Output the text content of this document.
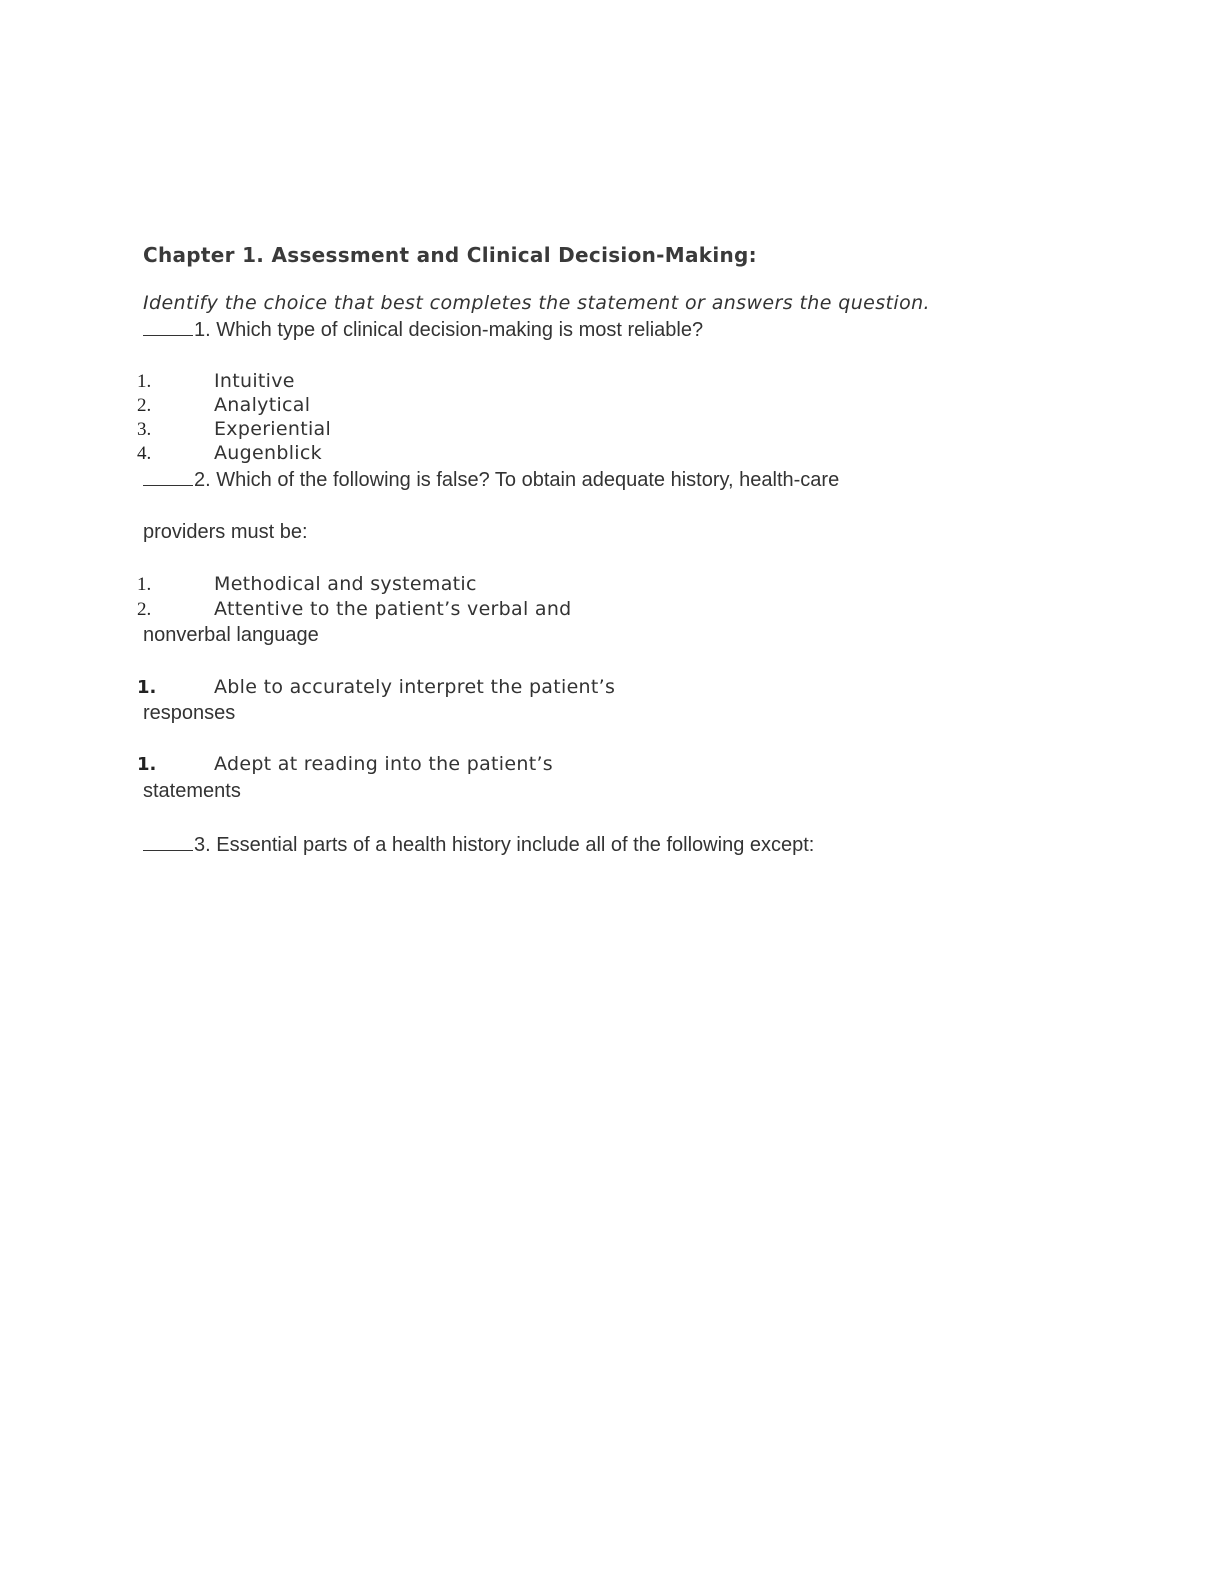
Chapter 1. Assessment and Clinical Decision-Making:
Identify the choice that best completes the statement or answers the question.
1. Which type of clinical decision-making is most reliable?
1.	Intuitive
2.	Analytical
3.	Experiential
4.	Augenblick
2. Which of the following is false? To obtain adequate history, health-care
providers must be:
1.	Methodical and systematic
2.	Attentive to the patient’s verbal and
nonverbal language
1.	Able to accurately interpret the patient’s
responses
1.	Adept at reading into the patient’s
statements
3. Essential parts of a health history include all of the following except:
